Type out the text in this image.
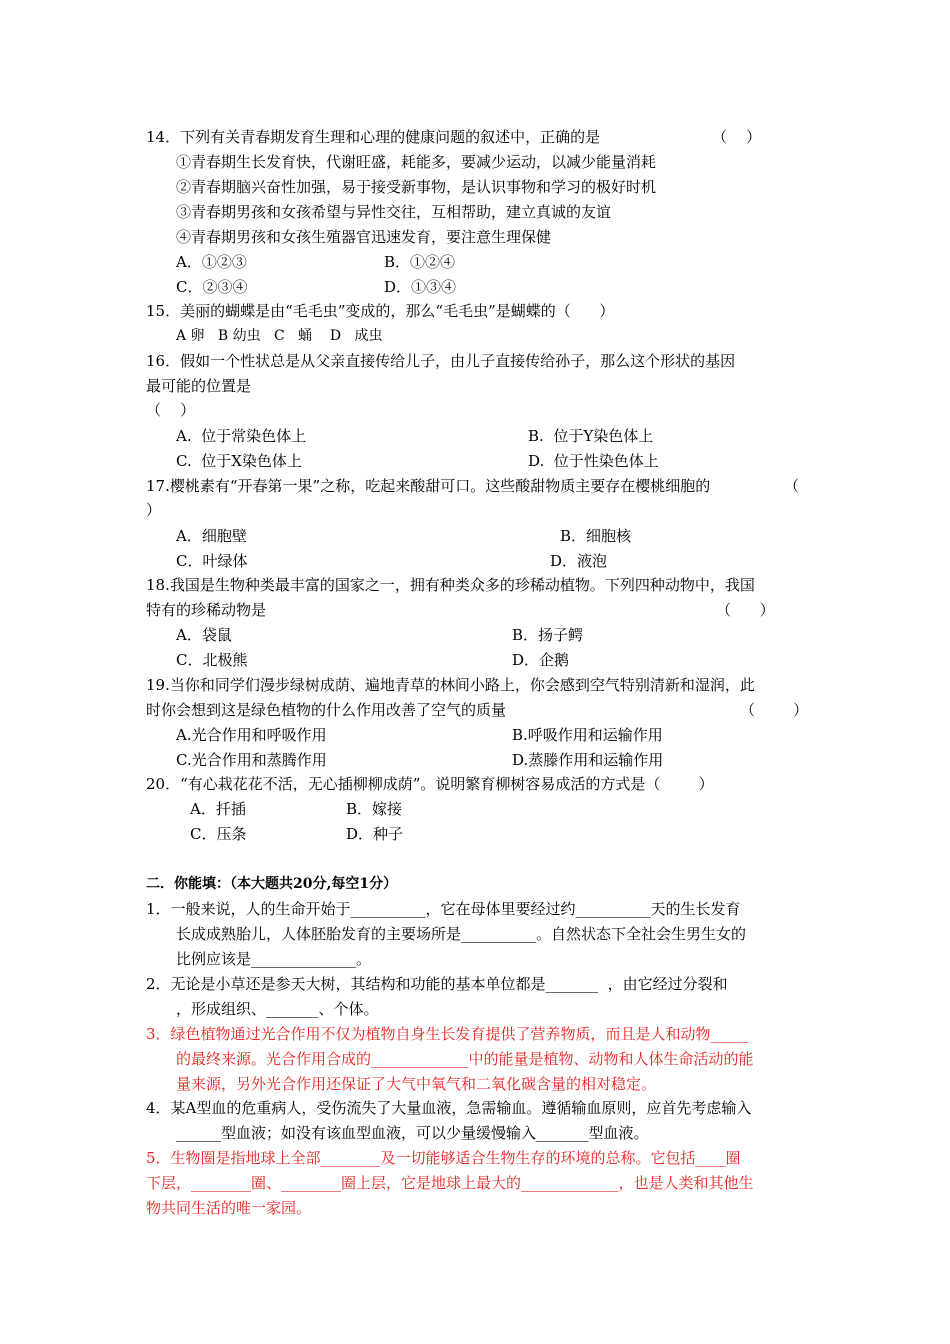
14．下列有关青春期发育生理和心理的健康问题的叙述中，正确的是	（    ）
①青春期生长发育快，代谢旺盛，耗能多，要减少运动，以减少能量消耗
②青春期脑兴奋性加强，易于接受新事物，是认识事物和学习的极好时机
③青春期男孩和女孩希望与异性交往，互相帮助，建立真诚的友谊
④青春期男孩和女孩生殖器官迅速发育，要注意生理保健
A．①②③	B．①②④
C．②③④	D．①③④
15．美丽的蝴蝶是由“毛毛虫”变成的，那么“毛毛虫”是蝴蝶的（      ）
A 卵   B 幼虫   C   蛹    D   成虫
16．假如一个性状总是从父亲直接传给儿子，由儿子直接传给孙子，那么这个形状的基因
最可能的位置是
（    ）
A.  位于常染色体上	B.  位于Y染色体上
C.  位于X染色体上	D.  位于性染色体上
17.樱桃素有“开春第一果”之称，吃起来酸甜可口。这些酸甜物质主要存在樱桃细胞的	（
）
A．细胞壁	B．细胞核
C．叶绿体	D．液泡
18.我国是生物种类最丰富的国家之一，拥有种类众多的珍稀动植物。下列四种动物中，我国
特有的珍稀动物是	（      ）
A．袋鼠	B．扬子鳄
C．北极熊	D．企鹅
19.当你和同学们漫步绿树成荫、遍地青草的林间小路上，你会感到空气特别清新和湿润，此
时你会想到这是绿色植物的什么作用改善了空气的质量	（        ）
A.光合作用和呼吸作用	B.呼吸作用和运输作用
C.光合作用和蒸腾作用	D.蒸滕作用和运输作用
20．“有心栽花花不活，无心插柳柳成荫”。说明繁育柳树容易成活的方式是（        ）
A．扦插	B．嫁接
C．压条	D．种子
二．你能填：（本大题共20分,每空1分）
1．一般来说，人的生命开始于__________，它在母体里要经过约__________天的生长发育
长成成熟胎儿，人体胚胎发育的主要场所是__________。自然状态下全社会生男生女的
比例应该是______________。
2．无论是小草还是参天大树，其结构和功能的基本单位都是_______  ，由它经过分裂和
，形成组织、_______、个体。
3．绿色植物通过光合作用不仅为植物自身生长发育提供了营养物质，而且是人和动物_____
的最终来源。光合作用合成的_____________中的能量是植物、动物和人体生命活动的能
量来源，另外光合作用还保证了大气中氧气和二氧化碳含量的相对稳定。
4．某A型血的危重病人，受伤流失了大量血液，急需输血。遵循输血原则，应首先考虑输入
______型血液；如没有该血型血液，可以少量缓慢输入_______型血液。
5．生物圈是指地球上全部________及一切能够适合生物生存的环境的总称。它包括____圈
下层，________圈、________圈上层，它是地球上最大的_____________，也是人类和其他生
物共同生活的唯一家园。
